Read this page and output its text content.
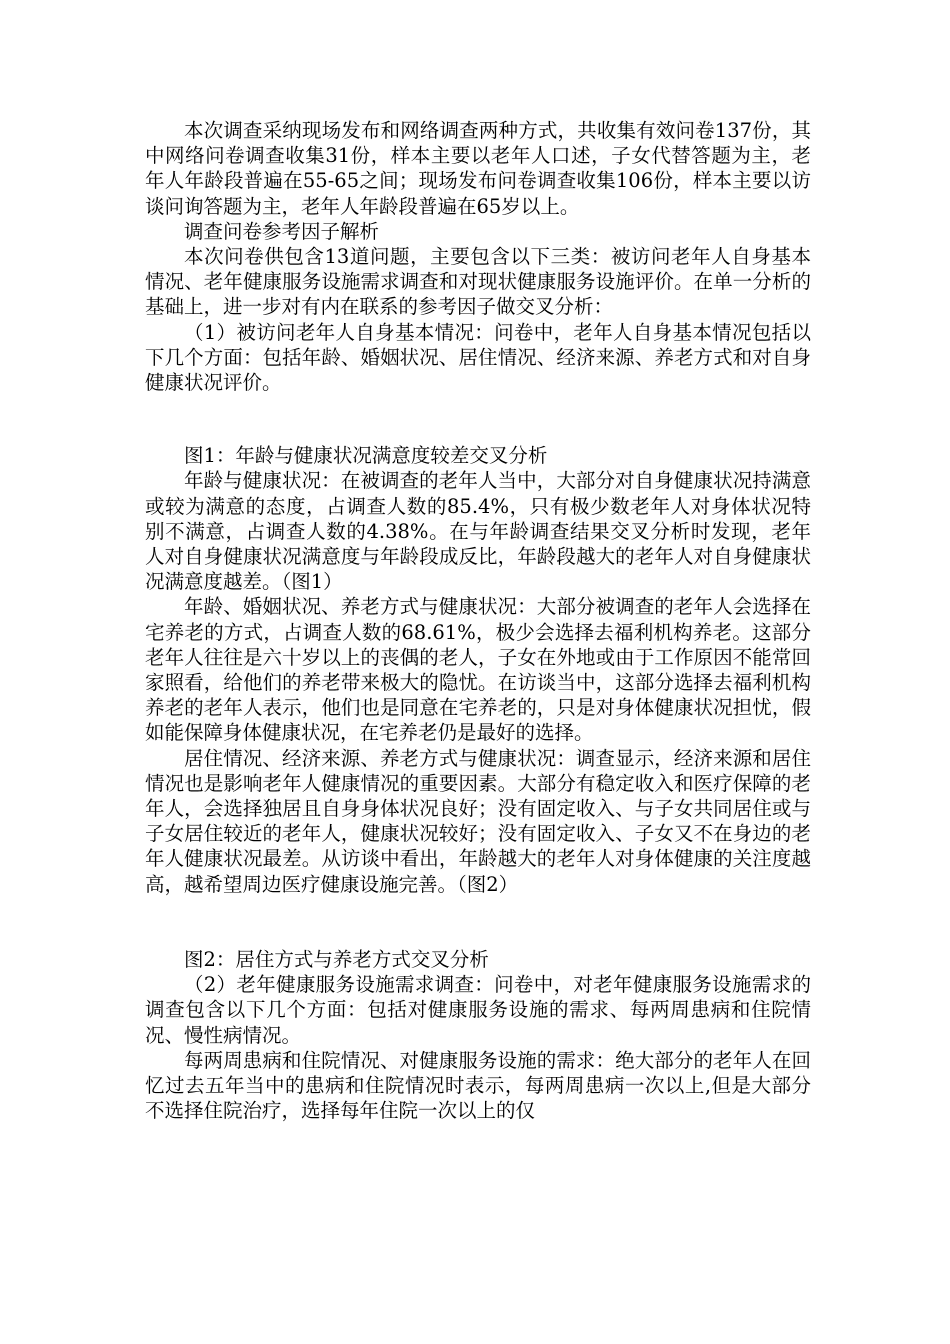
本次调查采纳现场发布和网络调查两种方式，共收集有效问卷137份，其中网络问卷调查收集31份，样本主要以老年人口述，子女代替答题为主，老年人年龄段普遍在55-65之间；现场发布问卷调查收集106份，样本主要以访谈问询答题为主，老年人年龄段普遍在65岁以上。

调查问卷参考因子解析

本次问卷供包含13道问题，主要包含以下三类：被访问老年人自身基本情况、老年健康服务设施需求调查和对现状健康服务设施评价。在单一分析的基础上，进一步对有内在联系的参考因子做交叉分析：

（1）被访问老年人自身基本情况：问卷中，老年人自身基本情况包括以下几个方面：包括年龄、婚姻状况、居住情况、经济来源、养老方式和对自身健康状况评价。

图1：年龄与健康状况满意度较差交叉分析

年龄与健康状况：在被调查的老年人当中，大部分对自身健康状况持满意或较为满意的态度，占调查人数的85.4%，只有极少数老年人对身体状况特别不满意，占调查人数的4.38%。在与年龄调查结果交叉分析时发现，老年人对自身健康状况满意度与年龄段成反比，年龄段越大的老年人对自身健康状况满意度越差。（图1）

年龄、婚姻状况、养老方式与健康状况：大部分被调查的老年人会选择在宅养老的方式，占调查人数的68.61%，极少会选择去福利机构养老。这部分老年人往往是六十岁以上的丧偶的老人，子女在外地或由于工作原因不能常回家照看，给他们的养老带来极大的隐忧。在访谈当中，这部分选择去福利机构养老的老年人表示，他们也是同意在宅养老的，只是对身体健康状况担忧，假如能保障身体健康状况，在宅养老仍是最好的选择。

居住情况、经济来源、养老方式与健康状况：调查显示，经济来源和居住情况也是影响老年人健康情况的重要因素。大部分有稳定收入和医疗保障的老年人，会选择独居且自身身体状况良好；没有固定收入、与子女共同居住或与子女居住较近的老年人，健康状况较好；没有固定收入、子女又不在身边的老年人健康状况最差。从访谈中看出，年龄越大的老年人对身体健康的关注度越高，越希望周边医疗健康设施完善。（图2）

图2：居住方式与养老方式交叉分析

（2）老年健康服务设施需求调查：问卷中，对老年健康服务设施需求的调查包含以下几个方面：包括对健康服务设施的需求、每两周患病和住院情况、慢性病情况。

每两周患病和住院情况、对健康服务设施的需求：绝大部分的老年人在回忆过去五年当中的患病和住院情况时表示，每两周患病一次以上,但是大部分不选择住院治疗，选择每年住院一次以上的仅
